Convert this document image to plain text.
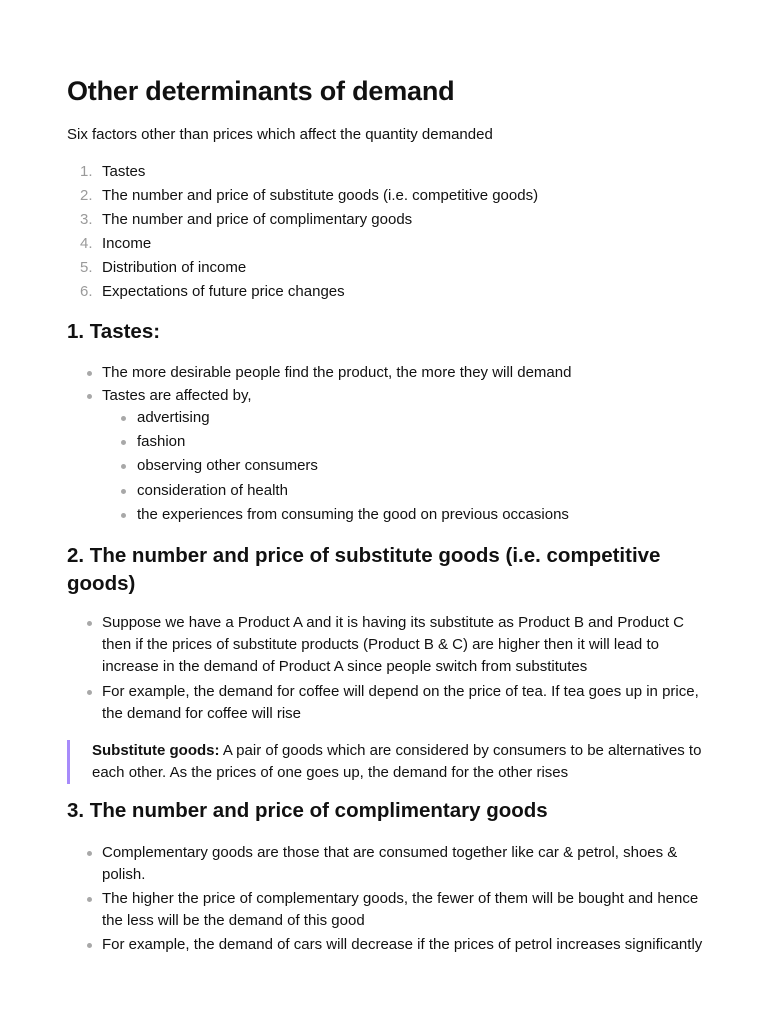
Other determinants of demand

Six factors other than prices which affect the quantity demanded

1. Tastes
2. The number and price of substitute goods (i.e. competitive goods)
3. The number and price of complimentary goods
4. Income
5. Distribution of income
6. Expectations of future price changes
1. Tastes:
The more desirable people find the product, the more they will demand
Tastes are affected by,
advertising
fashion
observing other consumers
consideration of health
the experiences from consuming the good on previous occasions
2. The number and price of substitute goods (i.e. competitive goods)
Suppose we have a Product A and it is having its substitute as Product B and Product C then if the prices of substitute products (Product B & C) are higher then it will lead to increase in the demand of Product A since people switch from substitutes
For example, the demand for coffee will depend on the price of tea. If tea goes up in price, the demand for coffee will rise
Substitute goods: A pair of goods which are considered by consumers to be alternatives to each other. As the prices of one goes up, the demand for the other rises
3. The number and price of complimentary goods
Complementary goods are those that are consumed together like car & petrol, shoes & polish.
The higher the price of complementary goods, the fewer of them will be bought and hence the less will be the demand of this good
For example, the demand of cars will decrease if the prices of petrol increases significantly
